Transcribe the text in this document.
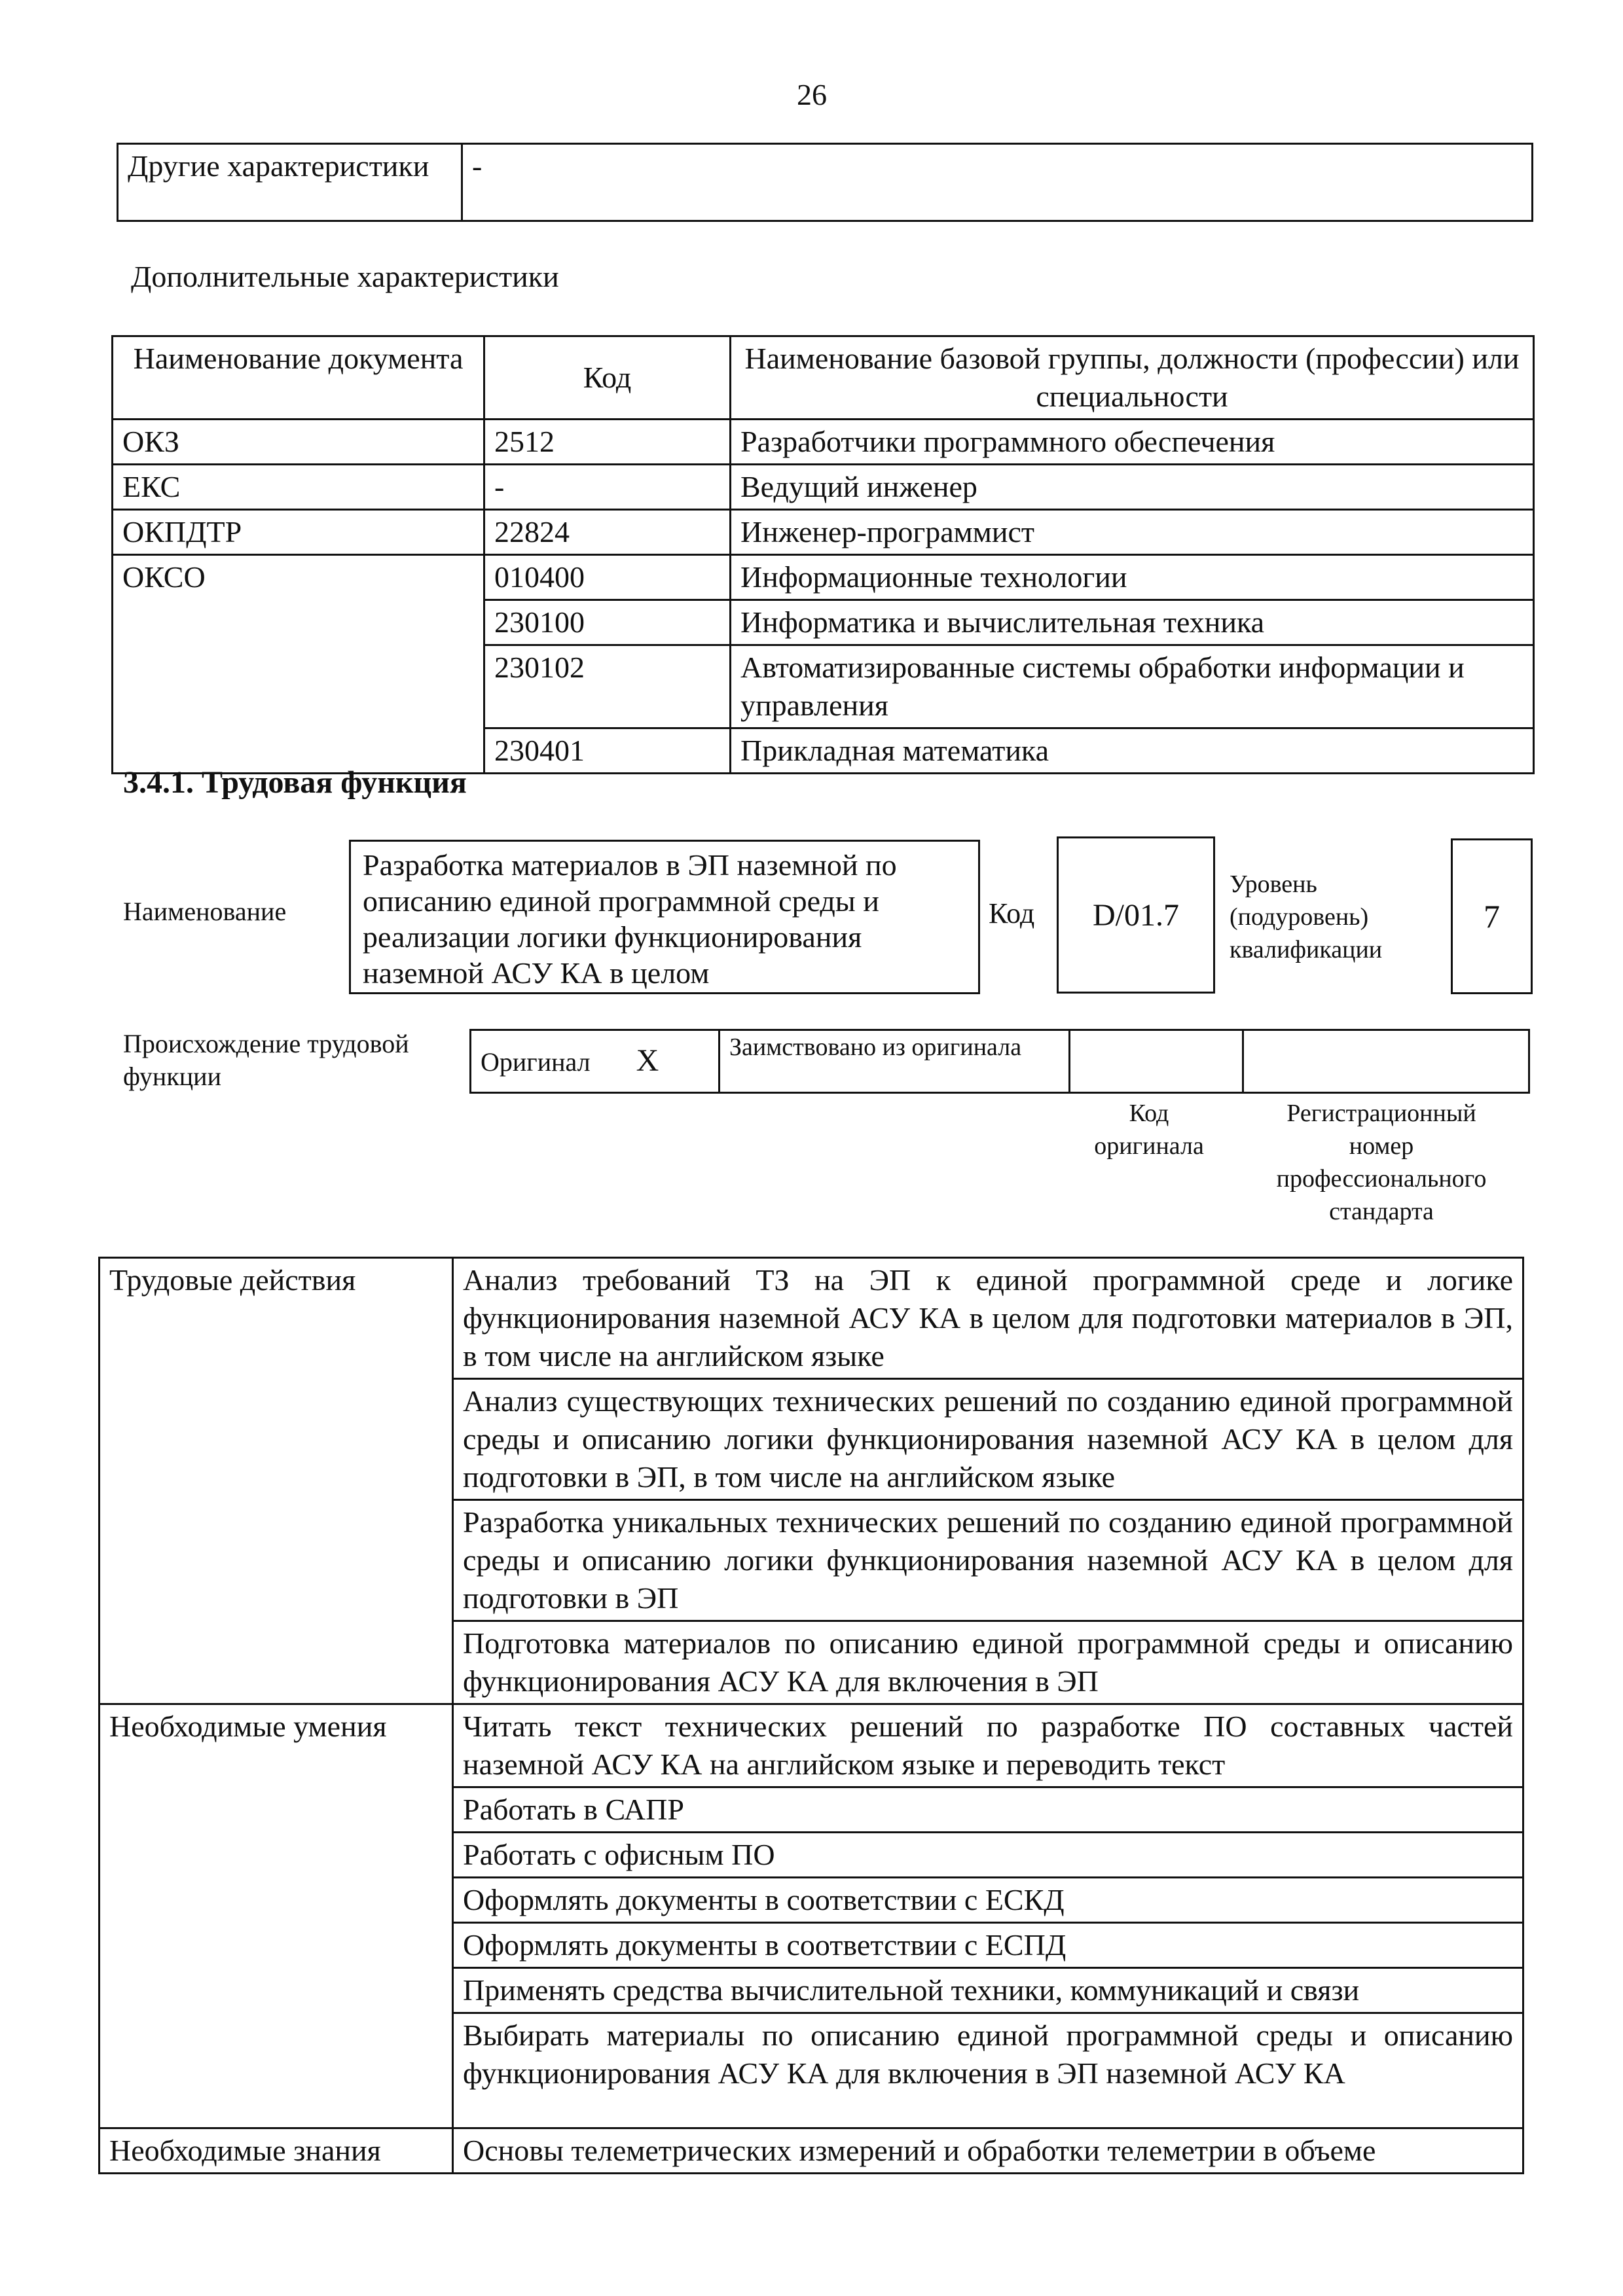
26
Другие характеристики	-
Дополнительные характеристики
Наименование документа	Код	Наименование базовой группы, должности (профессии) или специальности
ОКЗ	2512	Разработчики программного обеспечения
ЕКС	-	Ведущий инженер
ОКПДТР	22824	Инженер-программист
ОКСО	010400	Информационные технологии
	230100	Информатика и вычислительная техника
	230102	Автоматизированные системы обработки информации и управления
	230401	Прикладная математика
3.4.1. Трудовая функция
Наименование
Разработка материалов в ЭП наземной по описанию единой программной среды и реализации логики функционирования наземной АСУ КА в целом
Код D/01.7
Уровень (подуровень) квалификации
7
Происхождение трудовой функции	Оригинал X	Заимствовано из оригинала		
Код оригинала
Регистрационный номер профессионального стандарта
Трудовые действия	Анализ требований ТЗ на ЭП к единой программной среде и логике функционирования наземной АСУ КА в целом для подготовки материалов в ЭП, в том числе на английском языке
	Анализ существующих технических решений по созданию единой программной среды и описанию логики функционирования наземной АСУ КА в целом для подготовки в ЭП, в том числе на английском языке
	Разработка уникальных технических решений по созданию единой программной среды и описанию логики функционирования наземной АСУ КА в целом для подготовки в ЭП
	Подготовка материалов по описанию единой программной среды и описанию функционирования АСУ КА для включения в ЭП
Необходимые умения	Читать текст технических решений по разработке ПО составных частей наземной АСУ КА на английском языке и переводить текст
	Работать в САПР
	Работать с офисным ПО
	Оформлять документы в соответствии с ЕСКД
	Оформлять документы в соответствии с ЕСПД
	Применять средства вычислительной техники, коммуникаций и связи
	Выбирать материалы по описанию единой программной среды и описанию функционирования АСУ КА для включения в ЭП наземной АСУ КА
Необходимые знания	Основы телеметрических измерений и обработки телеметрии в объеме
